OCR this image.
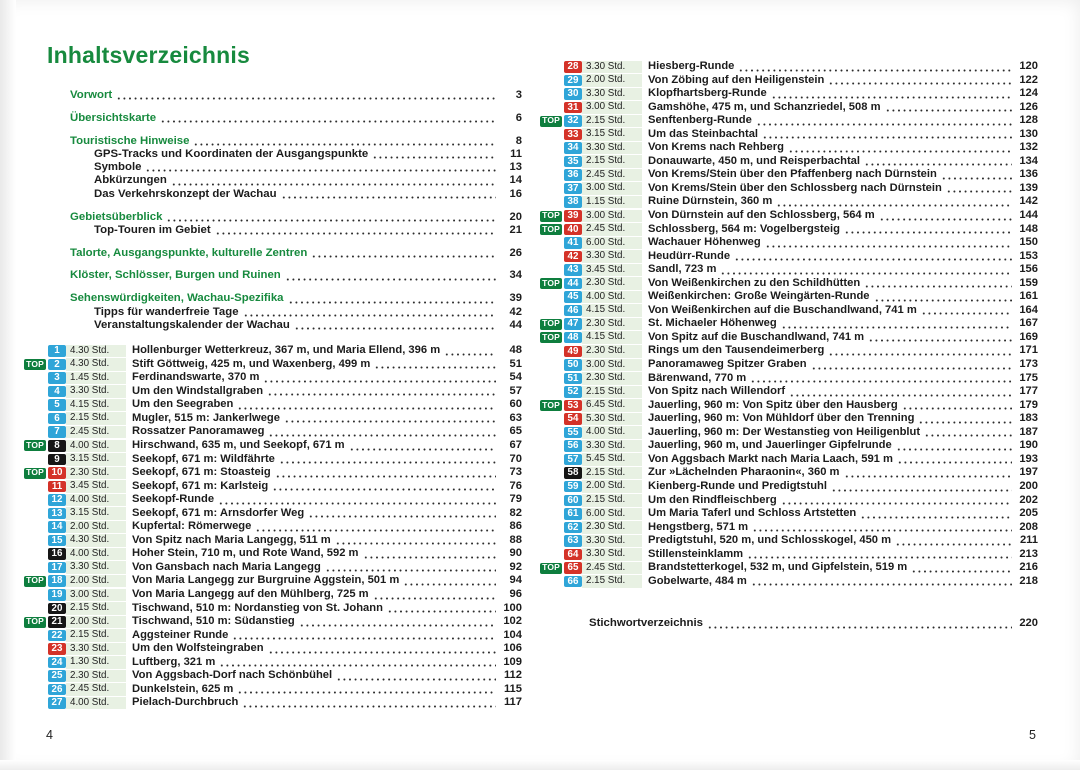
Inhaltsverzeichnis
Vorwort	3
Übersichtskarte	6
Touristische Hinweise	8
GPS-Tracks und Koordinaten der Ausgangspunkte	11
Symbole	13
Abkürzungen	14
Das Verkehrskonzept der Wachau	16
Gebietsüberblick	20
Top-Touren im Gebiet	21
Talorte, Ausgangspunkte, kulturelle Zentren	26
Klöster, Schlösser, Burgen und Ruinen	34
Sehenswürdigkeiten, Wachau-Spezifika	39
Tipps für wanderfreie Tage	42
Veranstaltungskalender der Wachau	44
1	4.30 Std.	Hollenburger Wetterkreuz, 367 m, und Maria Ellend, 396 m	48
TOP	2	4.30 Std.	Stift Göttweig, 425 m, und Waxenberg, 499 m	51
3	1.45 Std.	Ferdinandswarte, 370 m	54
4	3.30 Std.	Um den Windstallgraben	57
5	4.15 Std.	Um den Seegraben	60
6	2.15 Std.	Mugler, 515 m: Jankerlwege	63
7	2.45 Std.	Rossatzer Panoramaweg	65
TOP	8	4.00 Std.	Hirschwand, 635 m, und Seekopf, 671 m	67
9	3.15 Std.	Seekopf, 671 m: Wildfährte	70
TOP 10 2.30 Std.	Seekopf, 671 m: Stoasteig	73
11 3.45 Std.	Seekopf, 671 m: Karlsteig	76
12 4.00 Std.	Seekopf-Runde	79
13 3.15 Std.	Seekopf, 671 m: Arnsdorfer Weg	82
14 2.00 Std.	Kupfertal: Römerwege	86
15 4.30 Std.	Von Spitz nach Maria Langegg, 511 m	88
16 4.00 Std.	Hoher Stein, 710 m, und Rote Wand, 592 m	90
17 3.30 Std.	Von Gansbach nach Maria Langegg	92
TOP 18 2.00 Std.	Von Maria Langegg zur Burgruine Aggstein, 501 m	94
19 3.00 Std.	Von Maria Langegg auf den Mühlberg, 725 m	96
20 2.15 Std.	Tischwand, 510 m: Nordanstieg von St. Johann	100
TOP 21 2.00 Std.	Tischwand, 510 m: Südanstieg	102
22 2.15 Std.	Aggsteiner Runde	104
23 3.30 Std.	Um den Wolfsteingraben	106
24 1.30 Std.	Luftberg, 321 m	109
25 2.30 Std.	Von Aggsbach-Dorf nach Schönbühel	112
26 2.45 Std.	Dunkelstein, 625 m	115
27 4.00 Std.	Pielach-Durchbruch	117
28 3.30 Std.	Hiesberg-Runde	120
29 2.00 Std.	Von Zöbing auf den Heiligenstein	122
30 3.30 Std.	Klopfhartsberg-Runde	124
31 3.00 Std.	Gamshöhe, 475 m, und Schanzriedel, 508 m	126
TOP 32 2.15 Std.	Senftenberg-Runde	128
33 3.15 Std.	Um das Steinbachtal	130
34 3.30 Std.	Von Krems nach Rehberg	132
35 2.15 Std.	Donauwarte, 450 m, und Reisperbachtal	134
36 2.45 Std.	Von Krems/Stein über den Pfaffenberg nach Dürnstein	136
37 3.00 Std.	Von Krems/Stein über den Schlossberg nach Dürnstein	139
38 1.15 Std.	Ruine Dürnstein, 360 m	142
TOP 39 3.00 Std.	Von Dürnstein auf den Schlossberg, 564 m	144
TOP 40 2.45 Std.	Schlossberg, 564 m: Vogelbergsteig	148
41 6.00 Std.	Wachauer Höhenweg	150
42 3.30 Std.	Heudürr-Runde	153
43 3.45 Std.	Sandl, 723 m	156
TOP 44 2.30 Std.	Von Weißenkirchen zu den Schildhütten	159
45 4.00 Std.	Weißenkirchen: Große Weingärten-Runde	161
46 4.15 Std.	Von Weißenkirchen auf die Buschandlwand, 741 m	164
TOP 47 2.30 Std.	St. Michaeler Höhenweg	167
TOP 48 4.15 Std.	Von Spitz auf die Buschandlwand, 741 m	169
49 2.30 Std.	Rings um den Tausendeimerberg	171
50 3.00 Std.	Panoramaweg Spitzer Graben	173
51 2.30 Std.	Bärenwand, 770 m	175
52 2.15 Std.	Von Spitz nach Willendorf	177
TOP 53 6.45 Std.	Jauerling, 960 m: Von Spitz über den Hausberg	179
54 5.30 Std.	Jauerling, 960 m: Von Mühldorf über den Trenning	183
55 4.00 Std.	Jauerling, 960 m: Der Westanstieg von Heiligenblut	187
56 3.30 Std.	Jauerling, 960 m, und Jauerlinger Gipfelrunde	190
57 5.45 Std.	Von Aggsbach Markt nach Maria Laach, 591 m	193
58 2.15 Std.	Zur »Lächelnden Pharaonin«, 360 m	197
59 2.00 Std.	Kienberg-Runde und Predigtstuhl	200
60 2.15 Std.	Um den Rindfleischberg	202
61 6.00 Std.	Um Maria Taferl und Schloss Artstetten	205
62 2.30 Std.	Hengstberg, 571 m	208
63 3.30 Std.	Predigtstuhl, 520 m, und Schlosskogel, 450 m	211
64 3.30 Std.	Stillensteinklamm	213
TOP 65 2.45 Std.	Brandstetterkogel, 532 m, und Gipfelstein, 519 m	216
66 2.15 Std.	Gobelwarte, 484 m	218
Stichwortverzeichnis	220
4	5
